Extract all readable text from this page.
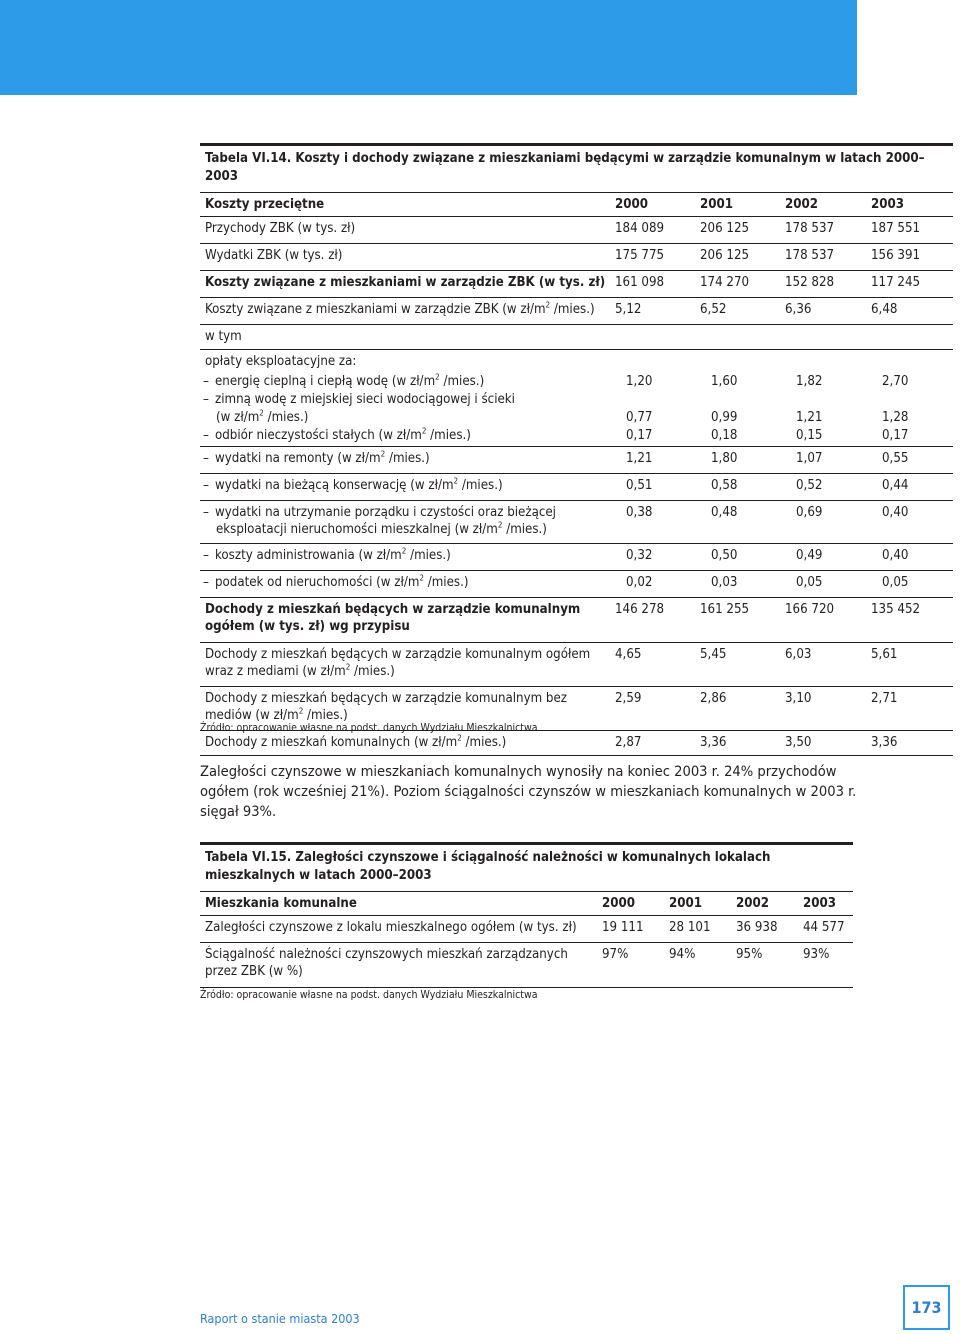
Tabela VI.14. Koszty i dochody związane z mieszkaniami będącymi w zarządzie komunalnym w latach 2000–2003
Koszty przeciętne	2000	2001	2002	2003
Przychody ZBK (w tys. zł)	184 089	206 125	178 537	187 551
Wydatki ZBK (w tys. zł)	175 775	206 125	178 537	156 391
Koszty związane z mieszkaniami w zarządzie ZBK (w tys. zł) 161 098	174 270	152 828	117 245
Koszty związane z mieszkaniami w zarządzie ZBK (w $zł/m^2$ /mies.)	5,12	6,52	6,36	6,48
w tym
opłaty eksploatacyjne za:
– energię cieplną i ciepłą wodę (w $zł/m^2$ /mies.)	1,20	1,60	1,82	2,70
– zimną wodę z miejskiej sieci wodociągowej i ścieki
(w $zł/m^2$ /mies.)	0,77	0,99	1,21	1,28
– odbiór nieczystości stałych (w $zł/m^2$ /mies.)	0,17	0,18	0,15	0,17
– wydatki na remonty (w $zł/m^2$ /mies.)	1,21	1,80	1,07	0,55
– wydatki na bieżącą konserwację (w $zł/m^2$ /mies.)	0,51	0,58	0,52	0,44
– wydatki na utrzymanie porządku i czystości oraz bieżącej eksploatacji nieruchomości mieszkalnej (w $zł/m^2$ /mies.)
0,38	0,48	0,69	0,40
– koszty administrowania (w $zł/m^2$ /mies.)	0,32	0,50	0,49	0,40
– podatek od nieruchomości (w $zł/m^2$ /mies.)	0,02	0,03	0,05	0,05
Dochody z mieszkań będących w zarządzie komunalnym ogółem (w tys. zł) wg przypisu
146 278	161 255	166 720	135 452
Dochody z mieszkań będących w zarządzie komunalnym ogółem wraz z mediami (w $zł/m^2$ /mies.)
4,65	5,45	6,03	5,61
Dochody z mieszkań będących w zarządzie komunalnym bez mediów (w $zł/m^2$ /mies.)
2,59	2,86	3,10	2,71
Dochody z mieszkań komunalnych (w $zł/m^2$ /mies.)	2,87	3,36	3,50	3,36
Źródło: opracowanie własne na podst. danych Wydziału Mieszkalnictwa
Zaległości czynszowe w mieszkaniach komunalnych wynosiły na koniec 2003 r. 24% przychodów ogółem (rok wcześniej 21%). Poziom ściągalności czynszów w mieszkaniach komunalnych w 2003 r. sięgał 93%.
Tabela VI.15. Zaległości czynszowe i ściągalność należności w komunalnych lokalach mieszkalnych w latach 2000–2003
Mieszkania komunalne	2000	2001	2002	2003
Zaległości czynszowe z lokalu mieszkalnego ogółem (w tys. zł)	19 111	28 101	36 938	44 577
Ściągalność należności czynszowych mieszkań zarządzanych przez ZBK (w %)
97%	94%	95%	93%
Źródło: opracowanie własne na podst. danych Wydziału Mieszkalnictwa
Raport o stanie miasta 2003
173
